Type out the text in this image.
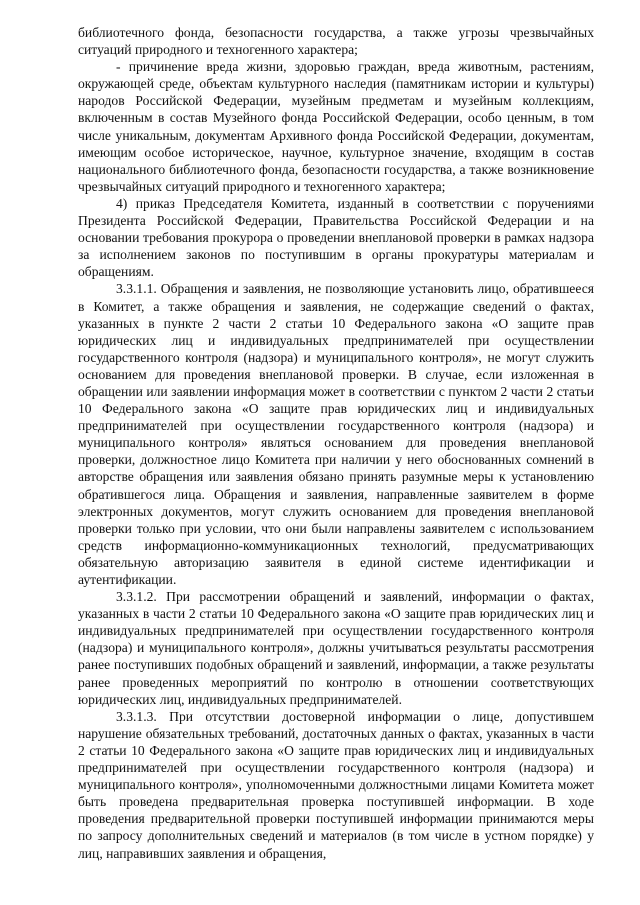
библиотечного фонда, безопасности государства, а также угрозы чрезвычайных ситуаций природного и техногенного характера;

- причинение вреда жизни, здоровью граждан, вреда животным, растениям, окружающей среде, объектам культурного наследия (памятникам истории и культуры) народов Российской Федерации, музейным предметам и музейным коллекциям, включенным в состав Музейного фонда Российской Федерации, особо ценным, в том числе уникальным, документам Архивного фонда Российской Федерации, документам, имеющим особое историческое, научное, культурное значение, входящим в состав национального библиотечного фонда, безопасности государства, а также возникновение чрезвычайных ситуаций природного и техногенного характера;

4) приказ Председателя Комитета, изданный в соответствии с поручениями Президента Российской Федерации, Правительства Российской Федерации и на основании требования прокурора о проведении внеплановой проверки в рамках надзора за исполнением законов по поступившим в органы прокуратуры материалам и обращениям.

3.3.1.1. Обращения и заявления, не позволяющие установить лицо, обратившееся в Комитет, а также обращения и заявления, не содержащие сведений о фактах, указанных в пункте 2 части 2 статьи 10 Федерального закона «О защите прав юридических лиц и индивидуальных предпринимателей при осуществлении государственного контроля (надзора) и муниципального контроля», не могут служить основанием для проведения внеплановой проверки. В случае, если изложенная в обращении или заявлении информация может в соответствии с пунктом 2 части 2 статьи 10 Федерального закона «О защите прав юридических лиц и индивидуальных предпринимателей при осуществлении государственного контроля (надзора) и муниципального контроля» являться основанием для проведения внеплановой проверки, должностное лицо Комитета при наличии у него обоснованных сомнений в авторстве обращения или заявления обязано принять разумные меры к установлению обратившегося лица. Обращения и заявления, направленные заявителем в форме электронных документов, могут служить основанием для проведения внеплановой проверки только при условии, что они были направлены заявителем с использованием средств информационно-коммуникационных технологий, предусматривающих обязательную авторизацию заявителя в единой системе идентификации и аутентификации.

3.3.1.2. При рассмотрении обращений и заявлений, информации о фактах, указанных в части 2 статьи 10 Федерального закона «О защите прав юридических лиц и индивидуальных предпринимателей при осуществлении государственного контроля (надзора) и муниципального контроля», должны учитываться результаты рассмотрения ранее поступивших подобных обращений и заявлений, информации, а также результаты ранее проведенных мероприятий по контролю в отношении соответствующих юридических лиц, индивидуальных предпринимателей.

3.3.1.3. При отсутствии достоверной информации о лице, допустившем нарушение обязательных требований, достаточных данных о фактах, указанных в части 2 статьи 10 Федерального закона «О защите прав юридических лиц и индивидуальных предпринимателей при осуществлении государственного контроля (надзора) и муниципального контроля», уполномоченными должностными лицами Комитета может быть проведена предварительная проверка поступившей информации. В ходе проведения предварительной проверки поступившей информации принимаются меры по запросу дополнительных сведений и материалов (в том числе в устном порядке) у лиц, направивших заявления и обращения,
